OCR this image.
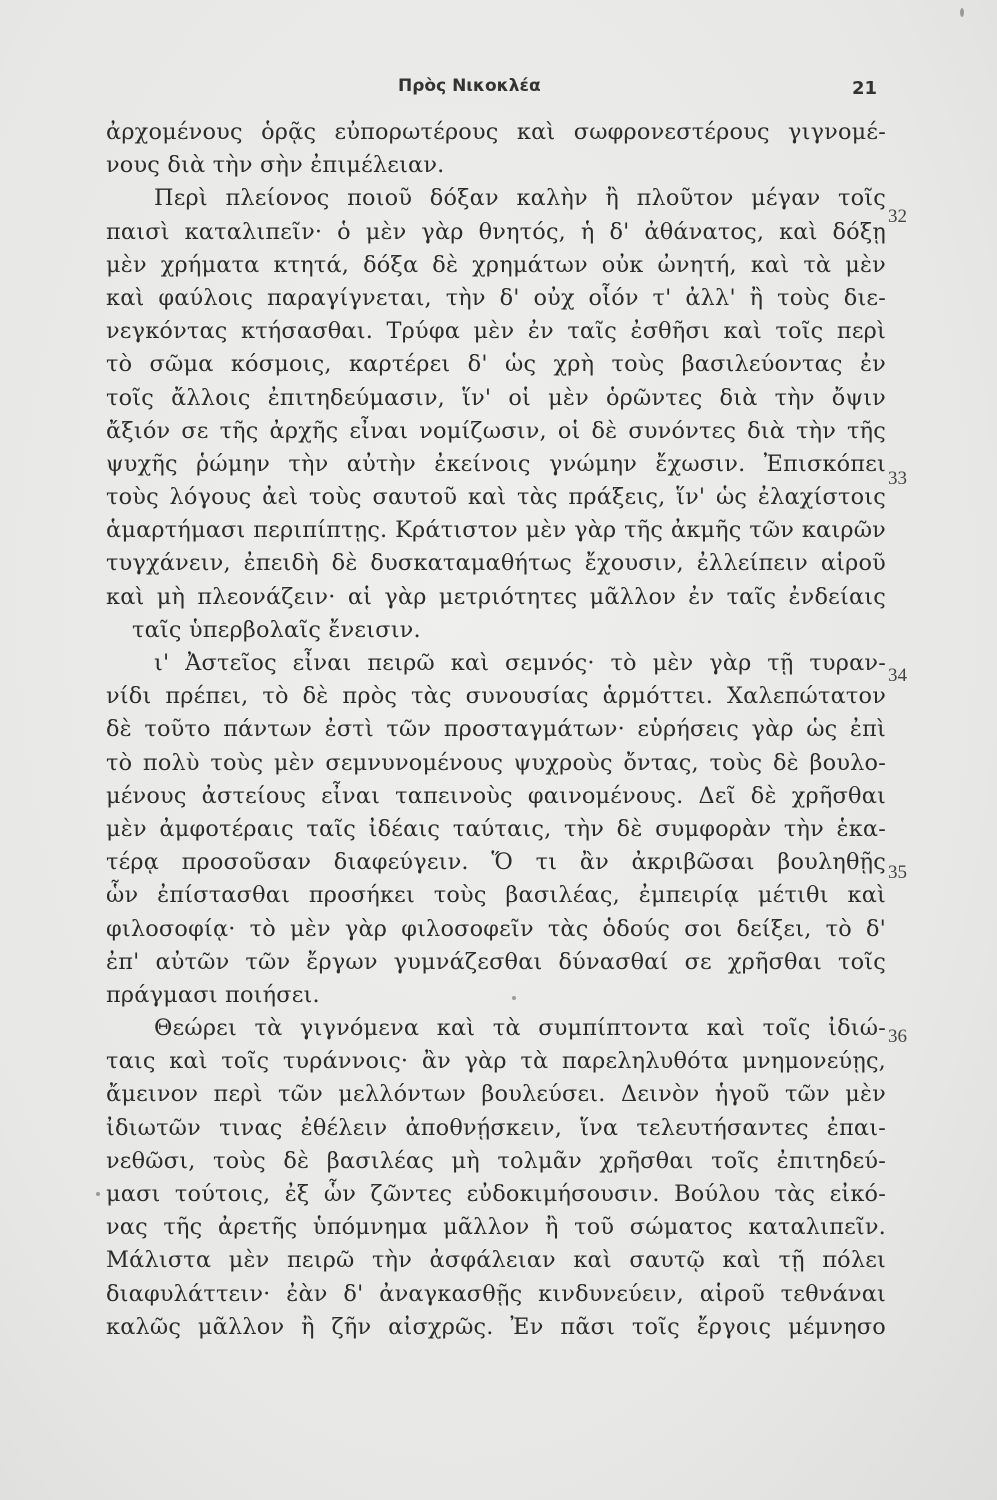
Πρὸς Νικοκλέα	21
ἀρχομένους ὁρᾷς εὐπορωτέρους καὶ σωφρονεστέρους γιγνομέ-
νους διὰ τὴν σὴν ἐπιμέλειαν.
Περὶ πλείονος ποιοῦ δόξαν καλὴν ἢ πλοῦτον μέγαν τοῖς
παισὶ καταλιπεῖν· ὁ μὲν γὰρ θνητός, ἡ δ' ἀθάνατος, καὶ δόξῃ
μὲν χρήματα κτητά, δόξα δὲ χρημάτων οὐκ ὠνητή, καὶ τὰ μὲν
καὶ φαύλοις παραγίγνεται, τὴν δ' οὐχ οἷόν τ' ἀλλ' ἢ τοὺς διε-
νεγκόντας κτήσασθαι. Τρύφα μὲν ἐν ταῖς ἐσθῆσι καὶ τοῖς περὶ
τὸ σῶμα κόσμοις, καρτέρει δ' ὡς χρὴ τοὺς βασιλεύοντας ἐν
τοῖς ἄλλοις ἐπιτηδεύμασιν, ἵν' οἱ μὲν ὁρῶντες διὰ τὴν ὄψιν
ἄξιόν σε τῆς ἀρχῆς εἶναι νομίζωσιν, οἱ δὲ συνόντες διὰ τὴν τῆς
ψυχῆς ῥώμην τὴν αὐτὴν ἐκείνοις γνώμην ἔχωσιν. Ἐπισκόπει
τοὺς λόγους ἀεὶ τοὺς σαυτοῦ καὶ τὰς πράξεις, ἵν' ὡς ἐλαχίστοις
ἁμαρτήμασι περιπίπτῃς. Κράτιστον μὲν γὰρ τῆς ἀκμῆς τῶν καιρῶν
τυγχάνειν, ἐπειδὴ δὲ δυσκαταμαθήτως ἔχουσιν, ἐλλείπειν αἱροῦ
καὶ μὴ πλεονάζειν· αἱ γὰρ μετριότητες μᾶλλον ἐν ταῖς ἐνδείαις
ταῖς ὑπερβολαῖς ἔνεισιν.
ι' Ἀστεῖος εἶναι πειρῶ καὶ σεμνός· τὸ μὲν γὰρ τῇ τυραν-
νίδι πρέπει, τὸ δὲ πρὸς τὰς συνουσίας ἁρμόττει. Χαλεπώτατον
δὲ τοῦτο πάντων ἐστὶ τῶν προσταγμάτων· εὑρήσεις γὰρ ὡς ἐπὶ
τὸ πολὺ τοὺς μὲν σεμνυνομένους ψυχροὺς ὄντας, τοὺς δὲ βουλο-
μένους ἀστείους εἶναι ταπεινοὺς φαινομένους. Δεῖ δὲ χρῆσθαι
μὲν ἀμφοτέραις ταῖς ἰδέαις ταύταις, τὴν δὲ συμφορὰν τὴν ἑκα-
τέρᾳ προσοῦσαν διαφεύγειν. Ὅ τι ἂν ἀκριβῶσαι βουληθῇς
ὧν ἐπίστασθαι προσήκει τοὺς βασιλέας, ἐμπειρίᾳ μέτιθι καὶ
φιλοσοφίᾳ· τὸ μὲν γὰρ φιλοσοφεῖν τὰς ὁδούς σοι δείξει, τὸ δ'
ἐπ' αὐτῶν τῶν ἔργων γυμνάζεσθαι δύνασθαί σε χρῆσθαι τοῖς
πράγμασι ποιήσει.
Θεώρει τὰ γιγνόμενα καὶ τὰ συμπίπτοντα καὶ τοῖς ἰδιώ-
ταις καὶ τοῖς τυράννοις· ἂν γὰρ τὰ παρεληλυθότα μνημονεύῃς,
ἄμεινον περὶ τῶν μελλόντων βουλεύσει. Δεινὸν ἡγοῦ τῶν μὲν
ἰδιωτῶν τινας ἐθέλειν ἀποθνῄσκειν, ἵνα τελευτήσαντες ἐπαι-
νεθῶσι, τοὺς δὲ βασιλέας μὴ τολμᾶν χρῆσθαι τοῖς ἐπιτηδεύ-
μασι τούτοις, ἐξ ὧν ζῶντες εὐδοκιμήσουσιν. Βούλου τὰς εἰκό-
νας τῆς ἀρετῆς ὑπόμνημα μᾶλλον ἢ τοῦ σώματος καταλιπεῖν.
Μάλιστα μὲν πειρῶ τὴν ἀσφάλειαν καὶ σαυτῷ καὶ τῇ πόλει
διαφυλάττειν· ἐὰν δ' ἀναγκασθῇς κινδυνεύειν, αἱροῦ τεθνάναι
καλῶς μᾶλλον ἢ ζῆν αἰσχρῶς. Ἐν πᾶσι τοῖς ἔργοις μέμνησο
32
33
34
35
36
